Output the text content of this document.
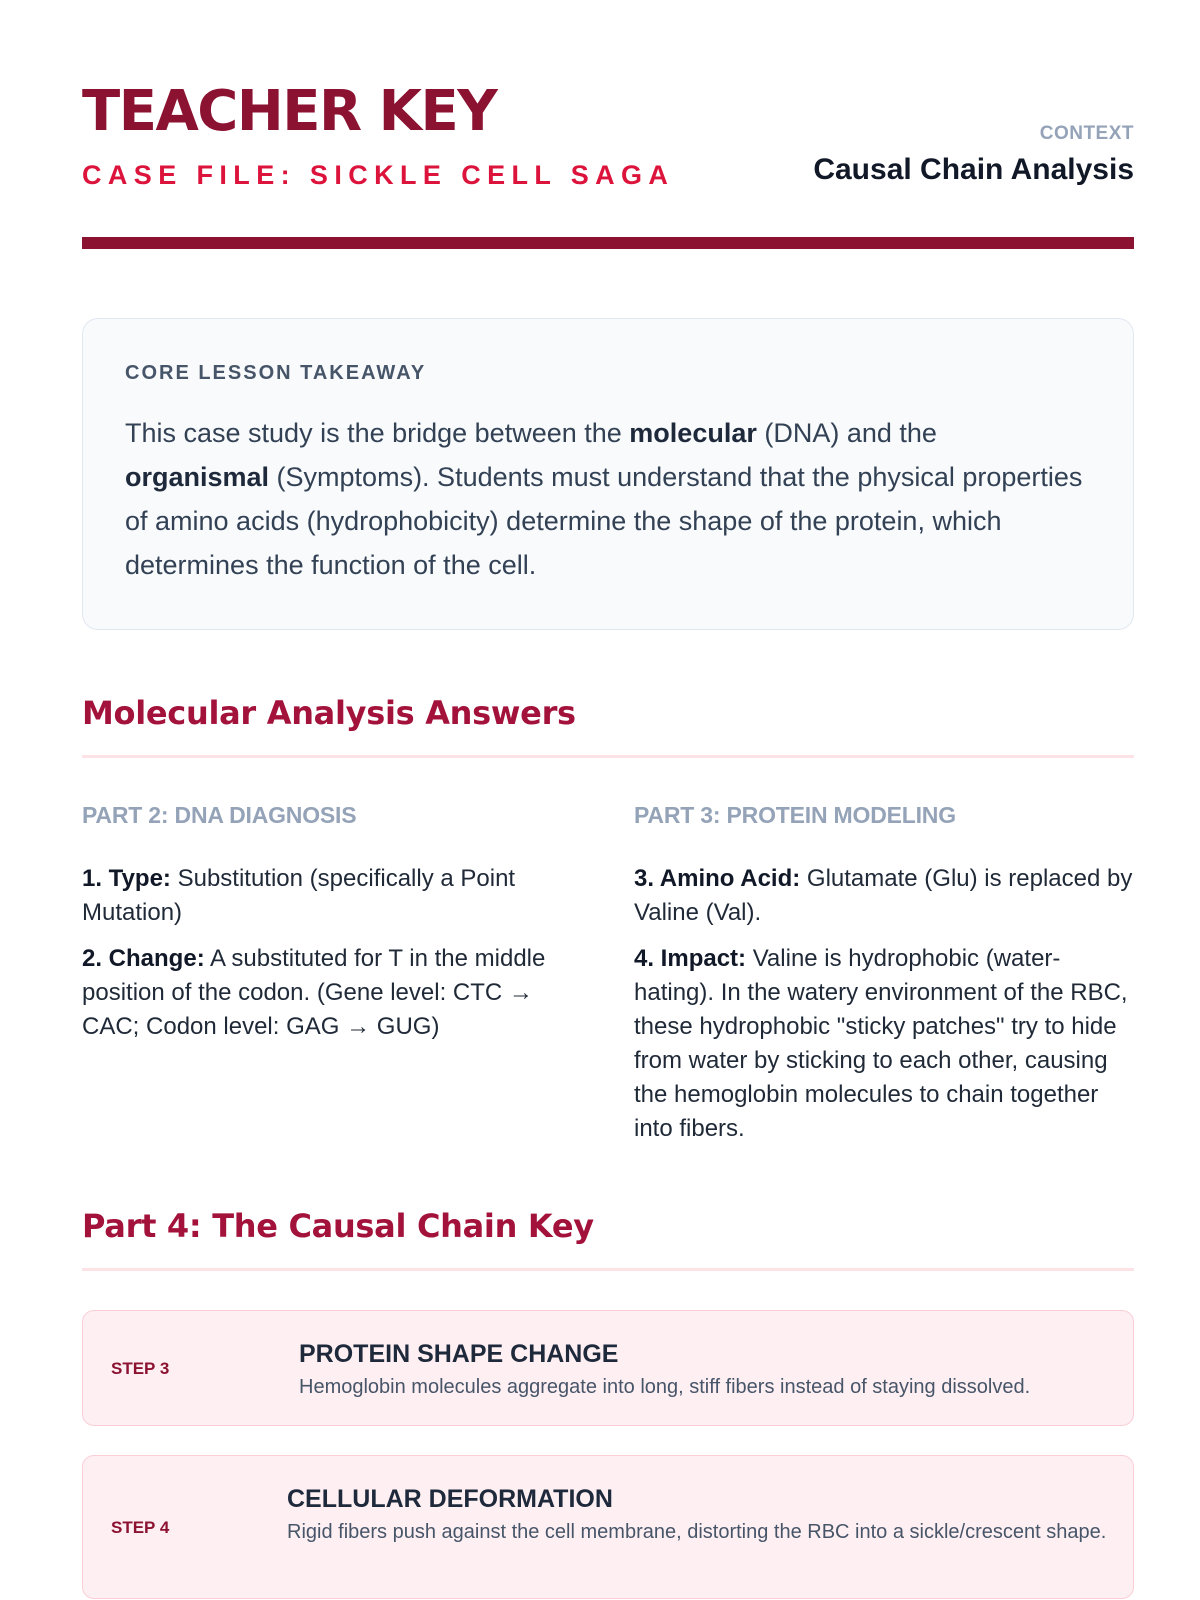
TEACHER KEY
CASE FILE: SICKLE CELL SAGA
CONTEXT
Causal Chain Analysis
CORE LESSON TAKEAWAY

This case study is the bridge between the molecular (DNA) and the organismal (Symptoms). Students must understand that the physical properties of amino acids (hydrophobicity) determine the shape of the protein, which determines the function of the cell.

Molecular Analysis Answers
PART 2: DNA DIAGNOSIS

1. Type: Substitution (specifically a Point Mutation)

2. Change: A substituted for T in the middle position of the codon. (Gene level: CTC → CAC; Codon level: GAG → GUG)

PART 3: PROTEIN MODELING

3. Amino Acid: Glutamate (Glu) is replaced by Valine (Val).

4. Impact: Valine is hydrophobic (water-hating). In the watery environment of the RBC, these hydrophobic "sticky patches" try to hide from water by sticking to each other, causing the hemoglobin molecules to chain together into fibers.

Part 4: The Causal Chain Key
STEP 3
PROTEIN SHAPE CHANGE
Hemoglobin molecules aggregate into long, stiff fibers instead of staying dissolved.
STEP 4
CELLULAR DEFORMATION
Rigid fibers push against the cell membrane, distorting the RBC into a sickle/crescent shape.
